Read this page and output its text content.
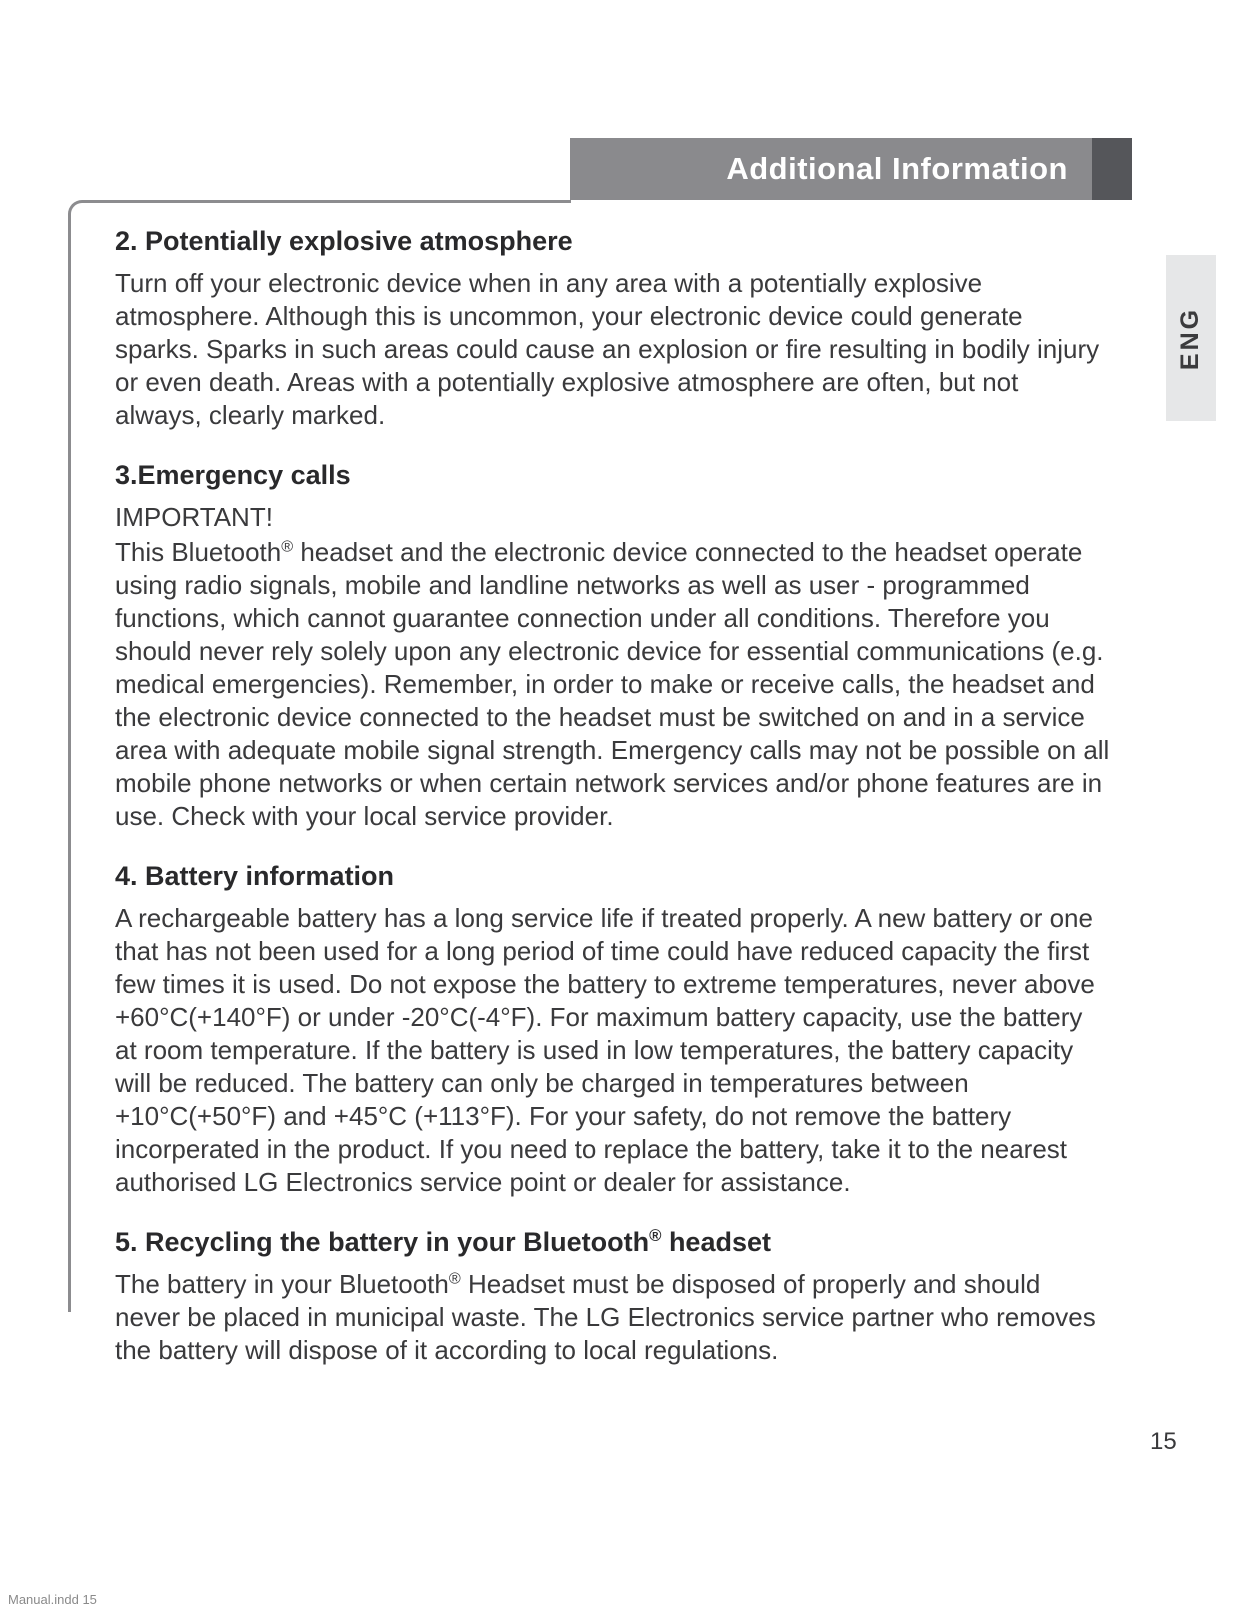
Additional Information
ENG
2. Potentially explosive atmosphere

Turn off your electronic device when in any area with a potentially explosive atmosphere. Although this is uncommon, your electronic device could generate sparks. Sparks in such areas could cause an explosion or fire resulting in bodily injury or even death. Areas with a potentially explosive atmosphere are often, but not always, clearly marked.

3.Emergency calls

IMPORTANT!

This Bluetooth® headset and the electronic device connected to the headset operate using radio signals, mobile and landline networks as well as user - programmed functions, which cannot guarantee connection under all conditions. Therefore you should never rely solely upon any electronic device for essential communications (e.g. medical emergencies). Remember, in order to make or receive calls, the headset and the electronic device connected to the headset must be switched on and in a service area with adequate mobile signal strength. Emergency calls may not be possible on all mobile phone networks or when certain network services and/or phone features are in use. Check with your local service provider.

4. Battery information

A rechargeable battery has a long service life if treated properly. A new battery or one that has not been used for a long period of time could have reduced capacity the first few times it is used. Do not expose the battery to extreme temperatures, never above +60°C(+140°F) or under -20°C(-4°F). For maximum battery capacity, use the battery at room temperature. If the battery is used in low temperatures, the battery capacity will be reduced. The battery can only be charged in temperatures between +10°C(+50°F) and +45°C (+113°F). For your safety, do not remove the battery incorperated in the product. If you need to replace the battery, take it to the nearest authorised LG Electronics service point or dealer for assistance.

5. Recycling the battery in your Bluetooth® headset

The battery in your Bluetooth® Headset must be disposed of properly and should never be placed in municipal waste. The LG Electronics service partner who removes the battery will dispose of it according to local regulations.

15
Manual.indd 15
